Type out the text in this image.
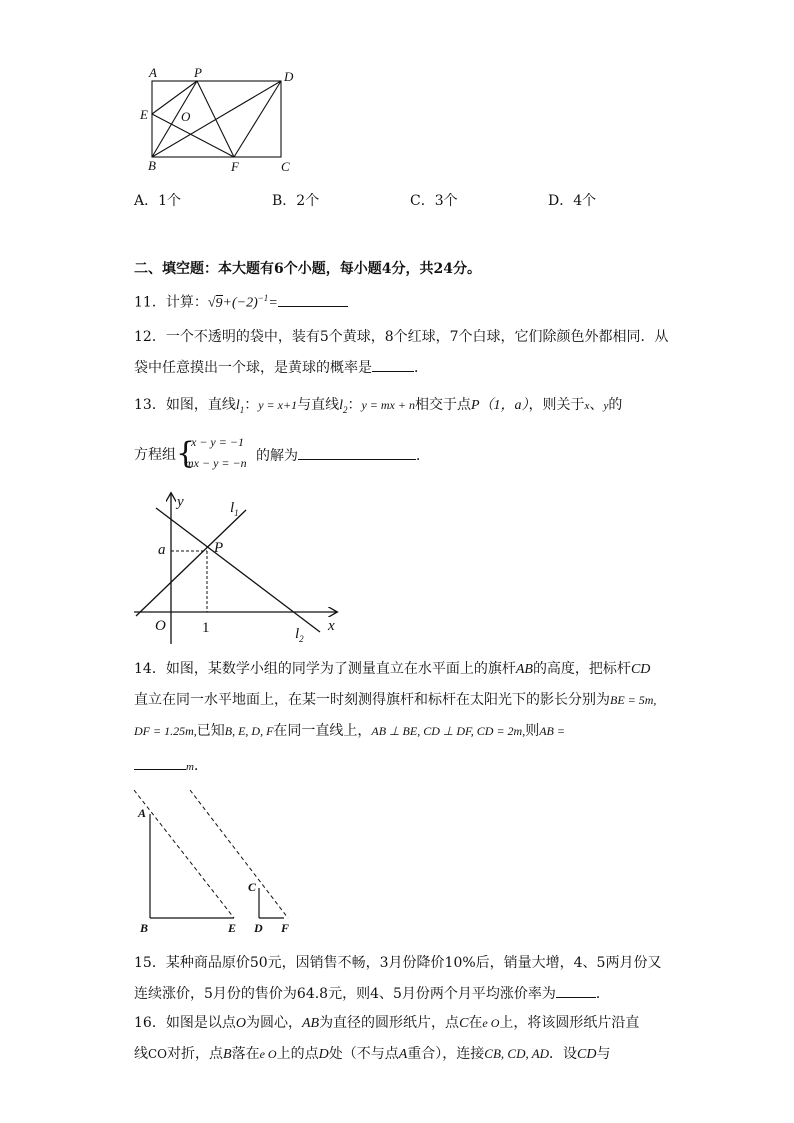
A	P	D
E	O
B	F	C
A．1个	B．2个	C．3个	D．4个
二、填空题：本大题有6个小题，每小题4分，共24分。
11．计算：$√9+(-2)^{-1}=$
12．一个不透明的袋中，装有5个黄球，8个红球，7个白球，它们除颜色外都相同．从
袋中任意摸出一个球，是黄球的概率是	．
13．如图，直线$l_1$：y = x+1与直线$l_2$：y = mx + n相交于点P（1，a），则关于x、y的
方程组 {
x − y = −1
mx − y = −n 的解为	．
y	$l_1$
a	P
O 1	x
$l_2$
14．如图，某数学小组的同学为了测量直立在水平面上的旗杆AB的高度，把标杆CD
直立在同一水平地面上，在某一时刻测得旗杆和标杆在太阳光下的影长分别为BE = 5m,
DF = 1.25m,已知B, E, D, F在同一直线上，AB ⊥ BE, CD ⊥ DF, CD = 2m,则AB =
m．
A
B	E
C
D F
15．某种商品原价50元，因销售不畅，3月份降价10%后，销量大增，4、5两月份又
连续涨价，5月份的售价为64.8元，则4、5月份两个月平均涨价率为	．
16．如图是以点O为圆心，AB为直径的圆形纸片，点C在e O上，将该圆形纸片沿直
线CO对折，点B落在e O上的点D处（不与点A重合），连接CB, CD, AD．设CD与
